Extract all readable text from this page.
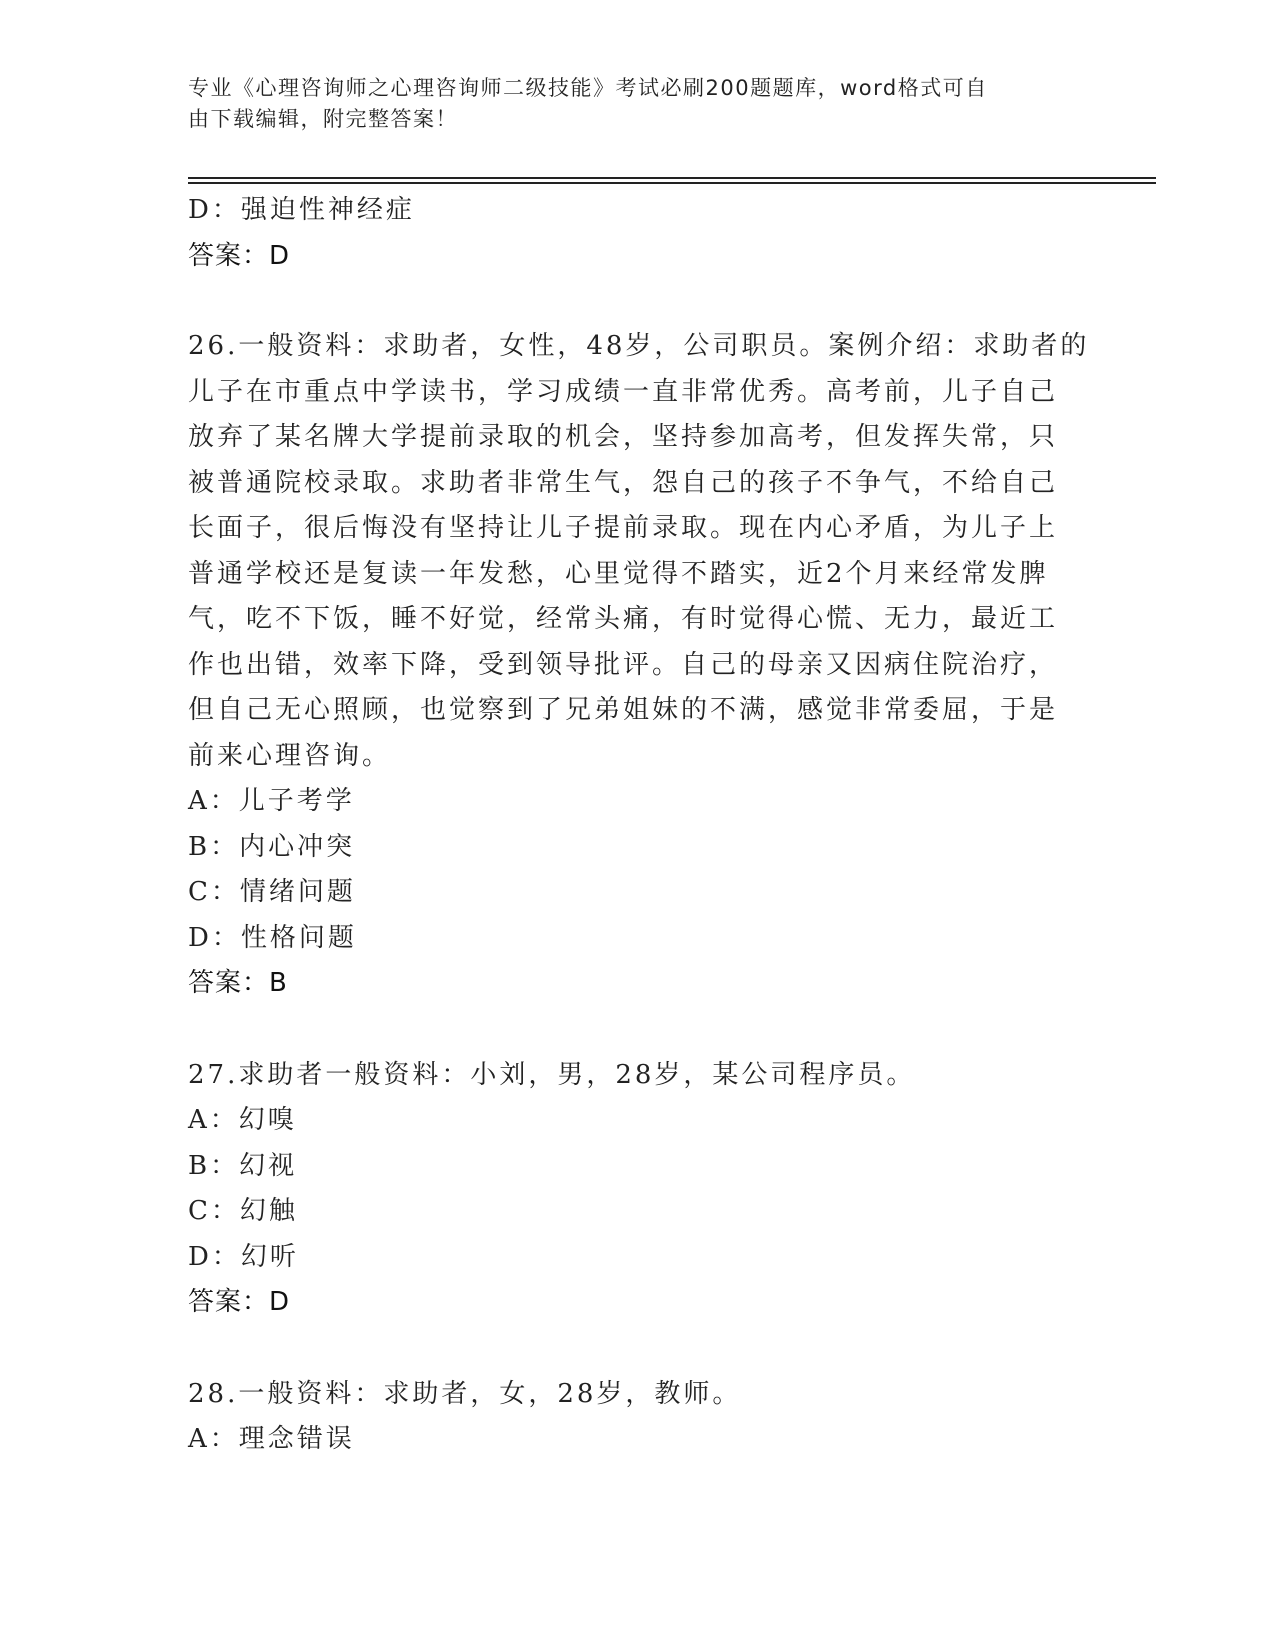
专业《心理咨询师之心理咨询师二级技能》考试必刷200题题库，word格式可自
由下载编辑，附完整答案！
D：强迫性神经症
答案：D
26.一般资料：求助者，女性，48岁，公司职员。案例介绍：求助者的
儿子在市重点中学读书，学习成绩一直非常优秀。高考前，儿子自己
放弃了某名牌大学提前录取的机会，坚持参加高考，但发挥失常，只
被普通院校录取。求助者非常生气，怨自己的孩子不争气，不给自己
长面子，很后悔没有坚持让儿子提前录取。现在内心矛盾，为儿子上
普通学校还是复读一年发愁，心里觉得不踏实，近2个月来经常发脾
气，吃不下饭，睡不好觉，经常头痛，有时觉得心慌、无力，最近工
作也出错，效率下降，受到领导批评。自己的母亲又因病住院治疗，
但自己无心照顾，也觉察到了兄弟姐妹的不满，感觉非常委屈，于是
前来心理咨询。
A：儿子考学
B：内心冲突
C：情绪问题
D：性格问题
答案：B
27.求助者一般资料：小刘，男，28岁，某公司程序员。
A：幻嗅
B：幻视
C：幻触
D：幻听
答案：D
28.一般资料：求助者，女，28岁，教师。
A：理念错误
